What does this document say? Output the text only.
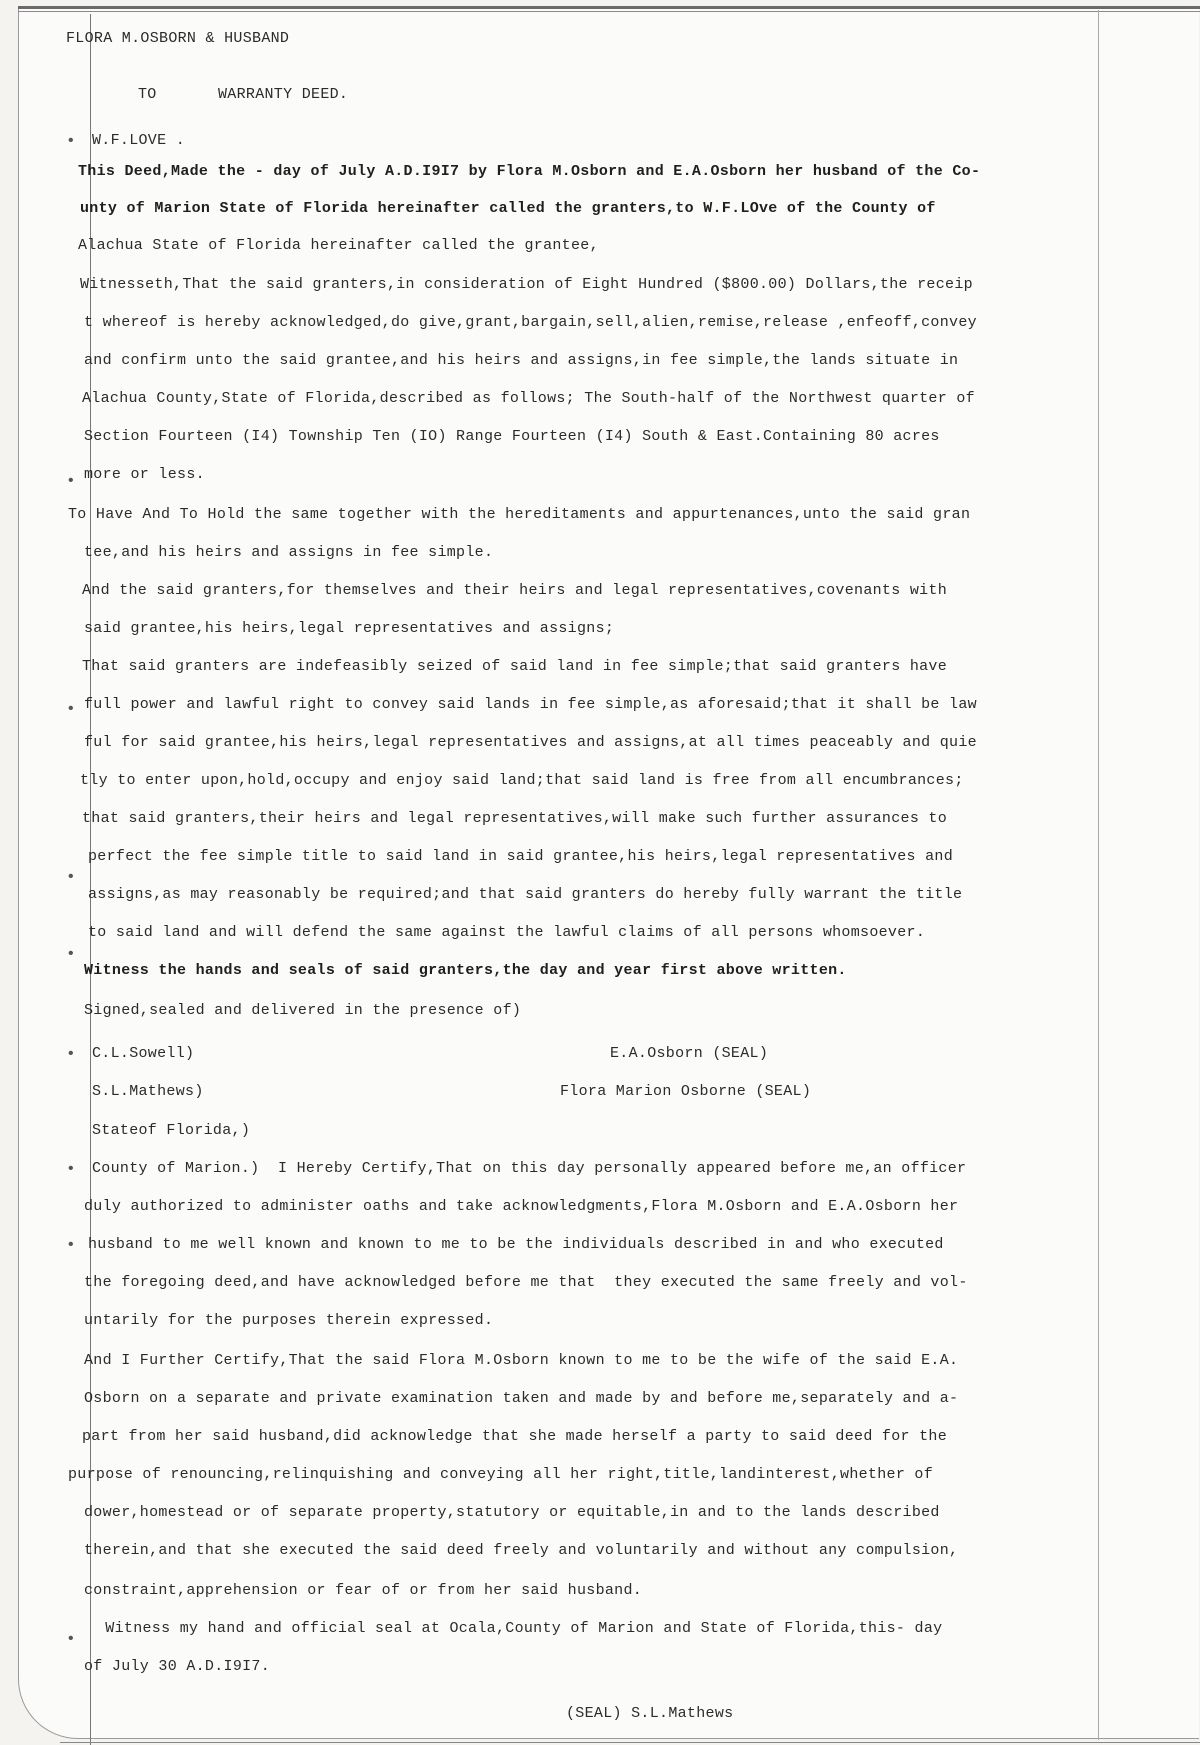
FLORA M.OSBORN & HUSBAND
TO	WARRANTY DEED.
W.F.LOVE .
This Deed,Made the - day of July A.D.I9I7 by Flora M.Osborn and E.A.Osborn her husband of the Co-
unty of Marion State of Florida hereinafter called the granters,to W.F.LOve of the County of
Alachua State of Florida hereinafter called the grantee,
Witnesseth,That the said granters,in consideration of Eight Hundred ($800.00) Dollars,the receip
t whereof is hereby acknowledged,do give,grant,bargain,sell,alien,remise,release ,enfeoff,convey
and confirm unto the said grantee,and his heirs and assigns,in fee simple,the lands situate in
Alachua County,State of Florida,described as follows; The South-half of the Northwest quarter of
Section Fourteen (I4) Township Ten (IO) Range Fourteen (I4) South & East.Containing 80 acres
more or less.
To Have And To Hold the same together with the hereditaments and appurtenances,unto the said gran
tee,and his heirs and assigns in fee simple.
And the said granters,for themselves and their heirs and legal representatives,covenants with
said grantee,his heirs,legal representatives and assigns;
That said granters are indefeasibly seized of said land in fee simple;that said granters have
full power and lawful right to convey said lands in fee simple,as aforesaid;that it shall be law
ful for said grantee,his heirs,legal representatives and assigns,at all times peaceably and quie
tly to enter upon,hold,occupy and enjoy said land;that said land is free from all encumbrances;
that said granters,their heirs and legal representatives,will make such further assurances to
perfect the fee simple title to said land in said grantee,his heirs,legal representatives and
assigns,as may reasonably be required;and that said granters do hereby fully warrant the title
to said land and will defend the same against the lawful claims of all persons whomsoever.
Witness the hands and seals of said granters,the day and year first above written.
Signed,sealed and delivered in the presence of)
C.L.Sowell)	E.A.Osborn (SEAL)
S.L.Mathews)	Flora Marion Osborne (SEAL)
Stateof Florida,)
County of Marion.)  I Hereby Certify,That on this day personally appeared before me,an officer
duly authorized to administer oaths and take acknowledgments,Flora M.Osborn and E.A.Osborn her
husband to me well known and known to me to be the individuals described in and who executed
the foregoing deed,and have acknowledged before me that  they executed the same freely and vol-
untarily for the purposes therein expressed.
And I Further Certify,That the said Flora M.Osborn known to me to be the wife of the said E.A.
Osborn on a separate and private examination taken and made by and before me,separately and a-
part from her said husband,did acknowledge that she made herself a party to said deed for the
purpose of renouncing,relinquishing and conveying all her right,title,landinterest,whether of
dower,homestead or of separate property,statutory or equitable,in and to the lands described
therein,and that she executed the said deed freely and voluntarily and without any compulsion,
constraint,apprehension or fear of or from her said husband.
Witness my hand and official seal at Ocala,County of Marion and State of Florida,this- day
of July 30 A.D.I9I7.
(SEAL) S.L.Mathews
•
•
•
•
•
•
•
•
•
